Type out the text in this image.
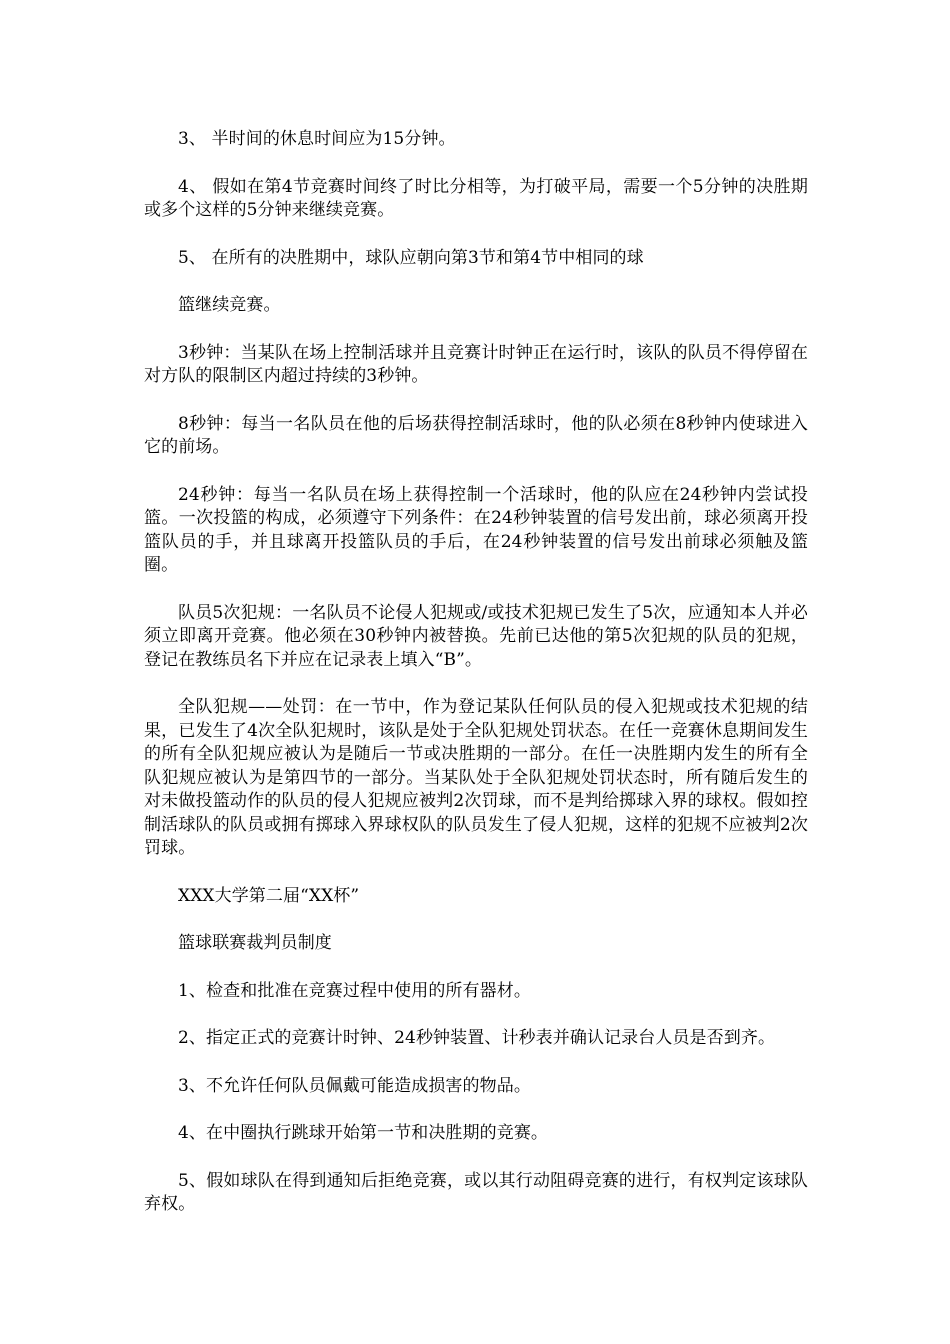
3、 半时间的休息时间应为15分钟。

4、 假如在第4节竞赛时间终了时比分相等，为打破平局，需要一个5分钟的决胜期或多个这样的5分钟来继续竞赛。

5、 在所有的决胜期中，球队应朝向第3节和第4节中相同的球

篮继续竞赛。

3秒钟：当某队在场上控制活球并且竞赛计时钟正在运行时，该队的队员不得停留在对方队的限制区内超过持续的3秒钟。

8秒钟：每当一名队员在他的后场获得控制活球时，他的队必须在8秒钟内使球进入它的前场。

24秒钟：每当一名队员在场上获得控制一个活球时，他的队应在24秒钟内尝试投篮。一次投篮的构成，必须遵守下列条件：在24秒钟装置的信号发出前，球必须离开投篮队员的手，并且球离开投篮队员的手后，在24秒钟装置的信号发出前球必须触及篮圈。

队员5次犯规：一名队员不论侵人犯规或/或技术犯规已发生了5次，应通知本人并必须立即离开竞赛。他必须在30秒钟内被替换。先前已达他的第5次犯规的队员的犯规，登记在教练员名下并应在记录表上填入“B”。

全队犯规——处罚：在一节中，作为登记某队任何队员的侵入犯规或技术犯规的结果，已发生了4次全队犯规时，该队是处于全队犯规处罚状态。在任一竞赛休息期间发生的所有全队犯规应被认为是随后一节或决胜期的一部分。在任一决胜期内发生的所有全队犯规应被认为是第四节的一部分。当某队处于全队犯规处罚状态时，所有随后发生的对未做投篮动作的队员的侵人犯规应被判2次罚球，而不是判给掷球入界的球权。假如控制活球队的队员或拥有掷球入界球权队的队员发生了侵人犯规，这样的犯规不应被判2次罚球。

XXX大学第二届“XX杯”

篮球联赛裁判员制度

1、检查和批准在竞赛过程中使用的所有器材。

2、指定正式的竞赛计时钟、24秒钟装置、计秒表并确认记录台人员是否到齐。

3、不允许任何队员佩戴可能造成损害的物品。

4、在中圈执行跳球开始第一节和决胜期的竞赛。

5、假如球队在得到通知后拒绝竞赛，或以其行动阻碍竞赛的进行，有权判定该球队弃权。
